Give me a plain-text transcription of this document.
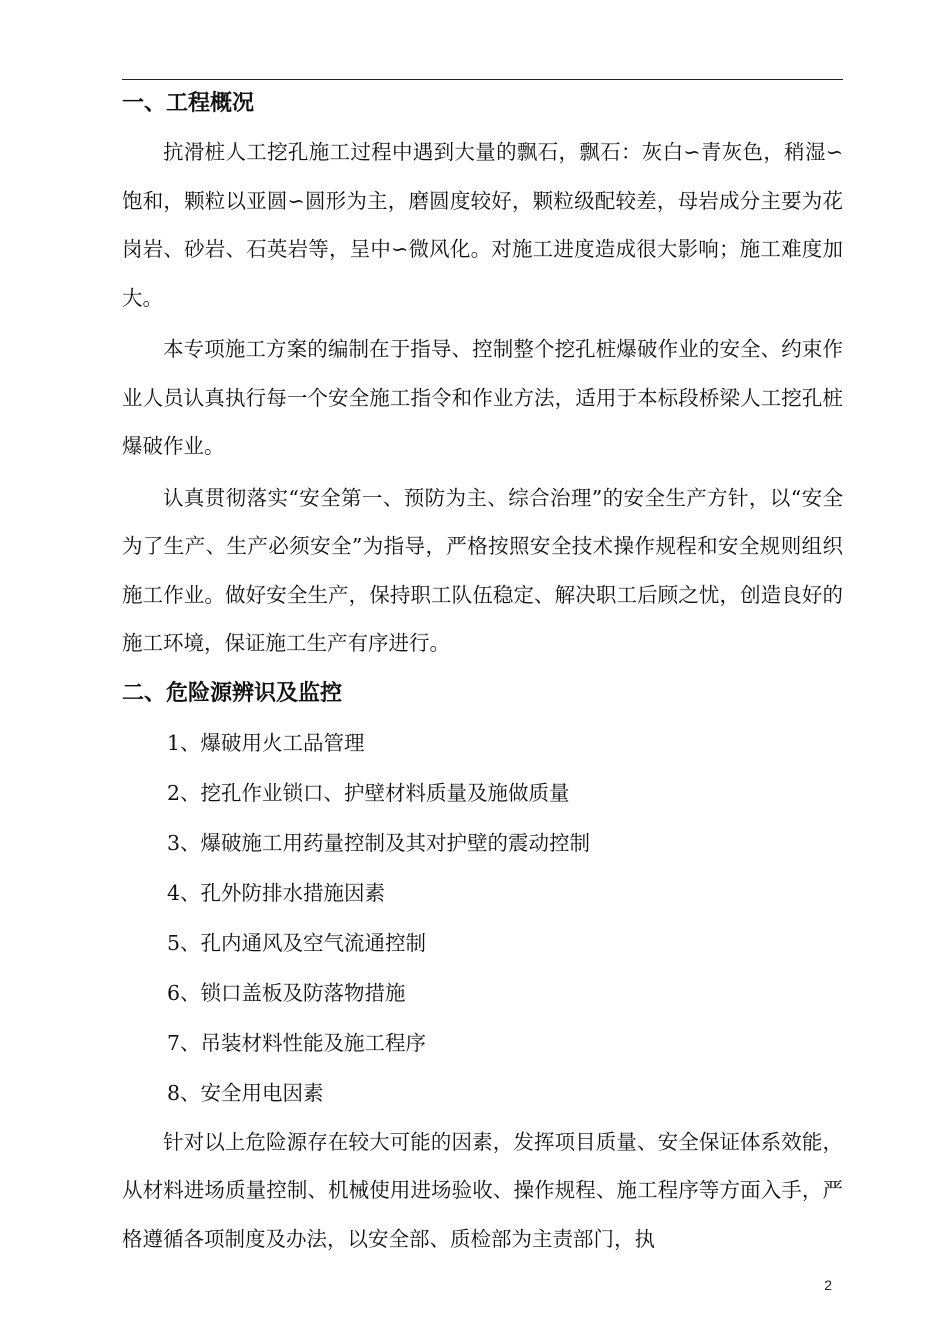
一、工程概况

抗滑桩人工挖孔施工过程中遇到大量的飘石，飘石：灰白∽青灰色，稍湿∽饱和，颗粒以亚圆∽圆形为主，磨圆度较好，颗粒级配较差，母岩成分主要为花岗岩、砂岩、石英岩等，呈中∽微风化。对施工进度造成很大影响；施工难度加大。

本专项施工方案的编制在于指导、控制整个挖孔桩爆破作业的安全、约束作业人员认真执行每一个安全施工指令和作业方法，适用于本标段桥梁人工挖孔桩爆破作业。

认真贯彻落实“安全第一、预防为主、综合治理”的安全生产方针，以“安全为了生产、生产必须安全”为指导，严格按照安全技术操作规程和安全规则组织施工作业。做好安全生产，保持职工队伍稳定、解决职工后顾之忧，创造良好的施工环境，保证施工生产有序进行。

二、危险源辨识及监控
1、爆破用火工品管理
2、挖孔作业锁口、护壁材料质量及施做质量
3、爆破施工用药量控制及其对护壁的震动控制
4、孔外防排水措施因素
5、孔内通风及空气流通控制
6、锁口盖板及防落物措施
7、吊装材料性能及施工程序
8、安全用电因素

针对以上危险源存在较大可能的因素，发挥项目质量、安全保证体系效能，从材料进场质量控制、机械使用进场验收、操作规程、施工程序等方面入手，严格遵循各项制度及办法，以安全部、质检部为主责部门，执

2
